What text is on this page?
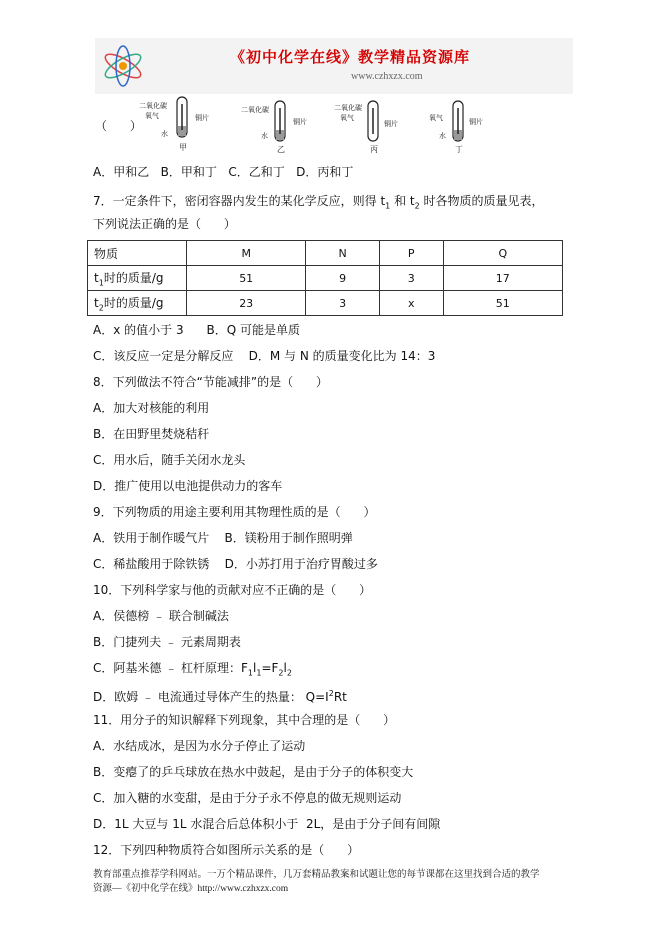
《初中化学在线》教学精品资源库
www.czhxzx.com
（      ）
二氧化碳
氧气	铜片
水
甲
二氧化碳
铜片
水
乙
二氧化碳
氧气
铜片
丙
氧气	铜片
水
丁
A．甲和乙   B．甲和丁   C．乙和丁   D．丙和丁
7．一定条件下，密闭容器内发生的某化学反应，则得 $t_1$ 和 $t_2$ 时各物质的质量见表，
下列说法正确的是（      ）
物质	M	N	P	Q
$t_1$时的质量/g	51	9	3	17
$t_2$时的质量/g	23	3	x	51
A．x 的值小于 3      B．Q 可能是单质
C．该反应一定是分解反应    D．M 与 N 的质量变化比为 14：3
8．下列做法不符合“节能减排”的是（      ）
A．加大对核能的利用
B．在田野里焚烧秸秆
C．用水后，随手关闭水龙头
D．推广使用以电池提供动力的客车
9．下列物质的用途主要利用其物理性质的是（      ）
A．铁用于制作暖气片    B．镁粉用于制作照明弹
C．稀盐酸用于除铁锈    D．小苏打用于治疗胃酸过多
10．下列科学家与他的贡献对应不正确的是（      ）
A．侯德榜 ﹣ 联合制碱法
B．门捷列夫 ﹣ 元素周期表
C．阿基米德 ﹣ 杠杆原理：$F_1l_1=F_2l_2$
D．欧姆 ﹣ 电流通过导体产生的热量： $Q=I^2Rt$
11．用分子的知识解释下列现象，其中合理的是（      ）
A．水结成冰，是因为水分子停止了运动
B．变瘪了的乒乓球放在热水中鼓起，是由于分子的体积变大
C．加入糖的水变甜，是由于分子永不停息的做无规则运动
D．1L 大豆与 1L 水混合后总体积小于  2L，是由于分子间有间隙
12．下列四种物质符合如图所示关系的是（      ）
教育部重点推荐学科网站。一万个精品课件，几万套精品教案和试题让您的每节课都在这里找到合适的教学
资源—《初中化学在线》http://www.czhxzx.com
